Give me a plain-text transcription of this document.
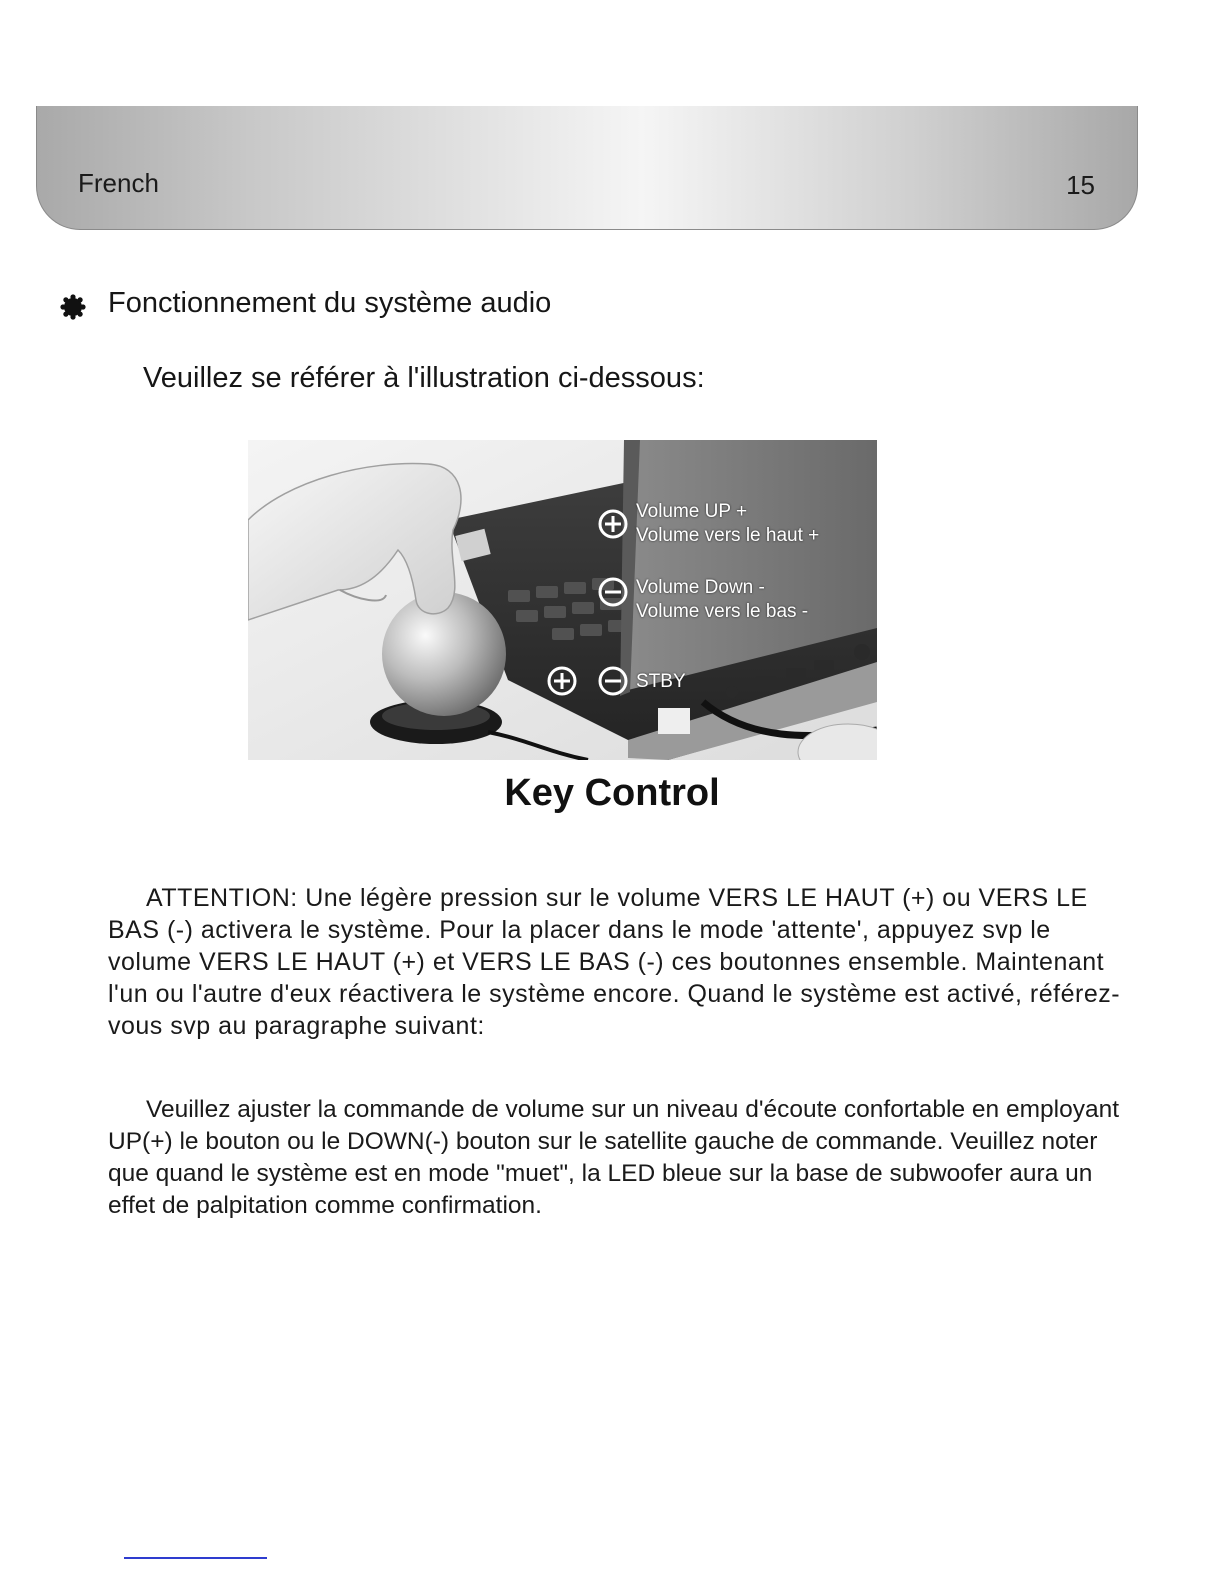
French	15
Fonctionnement du système audio
Veuillez se référer à l'illustration ci-dessous:
Volume UP +
Volume vers le haut +
Volume Down -
Volume vers le bas -
STBY
Key Control

ATTENTION: Une légère pression sur le volume VERS LE HAUT (+) ou VERS LE BAS (-) activera le système. Pour la placer dans le mode 'attente', appuyez svp le volume VERS LE HAUT (+) et VERS LE BAS (-) ces boutonnes ensemble. Maintenant l'un ou l'autre d'eux réactivera le système encore. Quand le système est activé, référez-vous svp au paragraphe suivant:

Veuillez ajuster la commande de volume sur un niveau d'écoute confortable en employant UP(+) le bouton ou le DOWN(-) bouton sur le satellite gauche de commande. Veuillez noter que quand le système est en mode "muet", la LED bleue sur la base de subwoofer aura un effet de palpitation comme confirmation.
